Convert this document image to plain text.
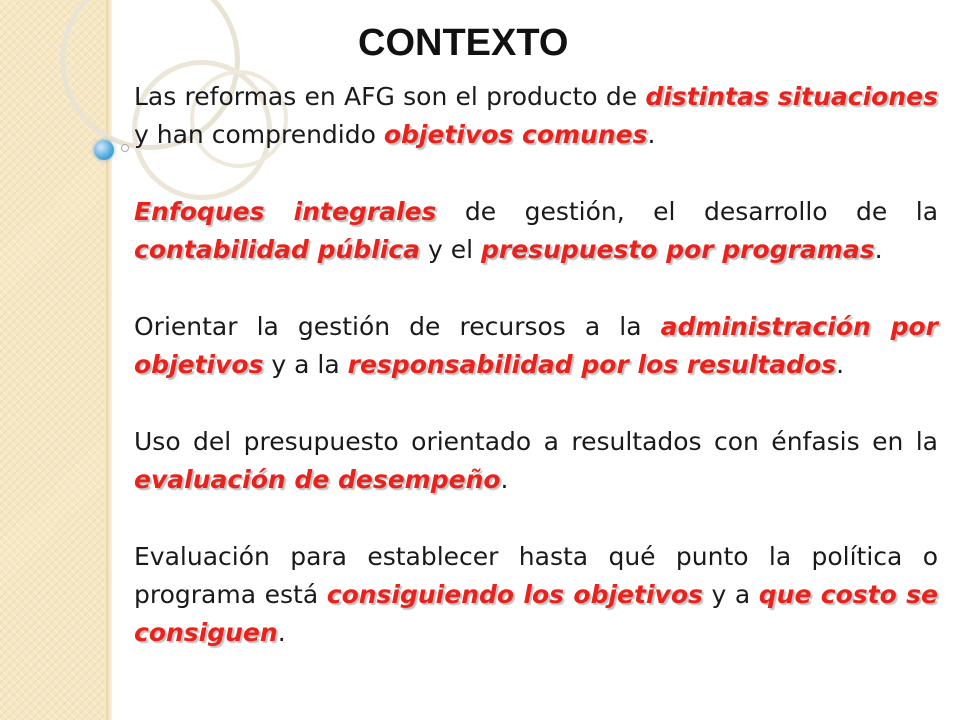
CONTEXTO

Las reformas en AFG son el producto de distintas situaciones y han comprendido objetivos comunes.

Enfoques integrales de gestión, el desarrollo de la contabilidad pública y el presupuesto por programas.

Orientar la gestión de recursos a la administración por objetivos y a la responsabilidad por los resultados.

Uso del presupuesto orientado a resultados con énfasis en la evaluación de desempeño.

Evaluación para establecer hasta qué punto la política o programa está consiguiendo los objetivos y a que costo se consiguen.
